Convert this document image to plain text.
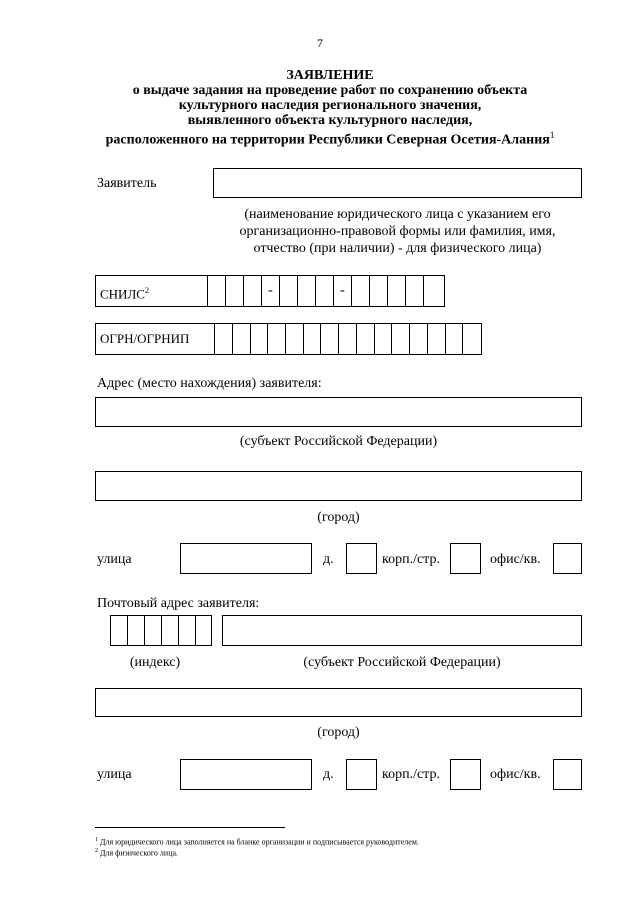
7
ЗАЯВЛЕНИЕ
о выдаче задания на проведение работ по сохранению объекта
культурного наследия регионального значения,
выявленного объекта культурного наследия,
расположенного на территории Республики Северная Осетия-Алания$^1$
Заявитель
(наименование юридического лица с указанием его
организационно-правовой формы или фамилия, имя,
отчество (при наличии) - для физического лица)
СНИЛС$^2$	-	-
ОГРН/ОГРНИП
Адрес (место нахождения) заявителя:
(субъект Российской Федерации)
(город)
улица	д.	корп./стр.	офис/кв.
Почтовый адрес заявителя:
(индекс)	(субъект Российской Федерации)
(город)
улица	д.	корп./стр.	офис/кв.
$^1$ Для юридического лица заполняется на бланке организации и подписывается руководителем.
$^2$ Для физического лица.
